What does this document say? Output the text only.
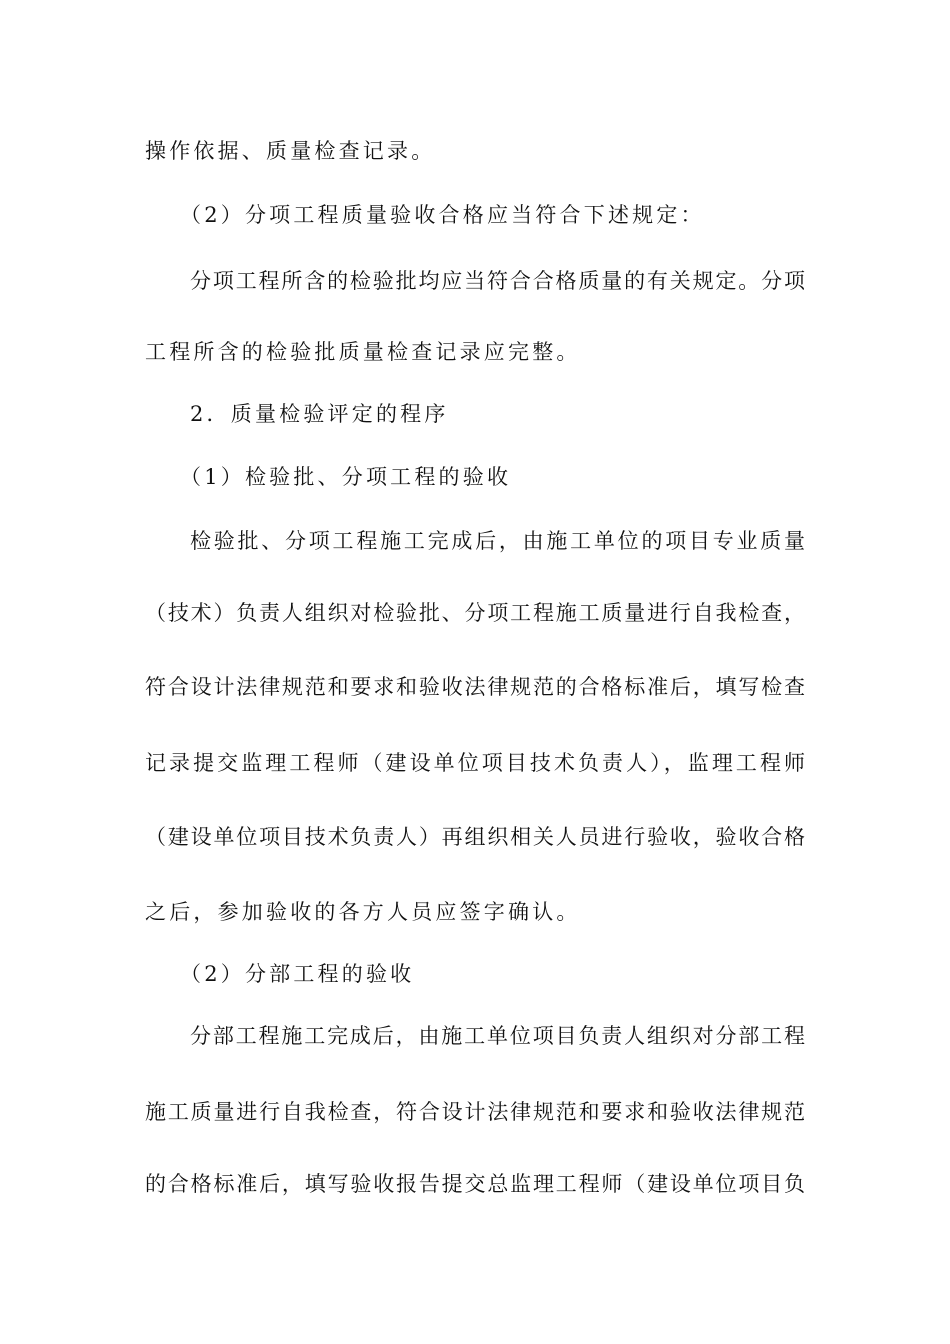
操作依据、质量检查记录。
（2）分项工程质量验收合格应当符合下述规定：
分项工程所含的检验批均应当符合合格质量的有关规定。分项
工程所含的检验批质量检查记录应完整。
2．质量检验评定的程序
（1）检验批、分项工程的验收
检验批、分项工程施工完成后，由施工单位的项目专业质量
（技术）负责人组织对检验批、分项工程施工质量进行自我检查，
符合设计法律规范和要求和验收法律规范的合格标准后，填写检查
记录提交监理工程师（建设单位项目技术负责人），监理工程师
（建设单位项目技术负责人）再组织相关人员进行验收，验收合格
之后，参加验收的各方人员应签字确认。
（2）分部工程的验收
分部工程施工完成后，由施工单位项目负责人组织对分部工程
施工质量进行自我检查，符合设计法律规范和要求和验收法律规范
的合格标准后，填写验收报告提交总监理工程师（建设单位项目负
